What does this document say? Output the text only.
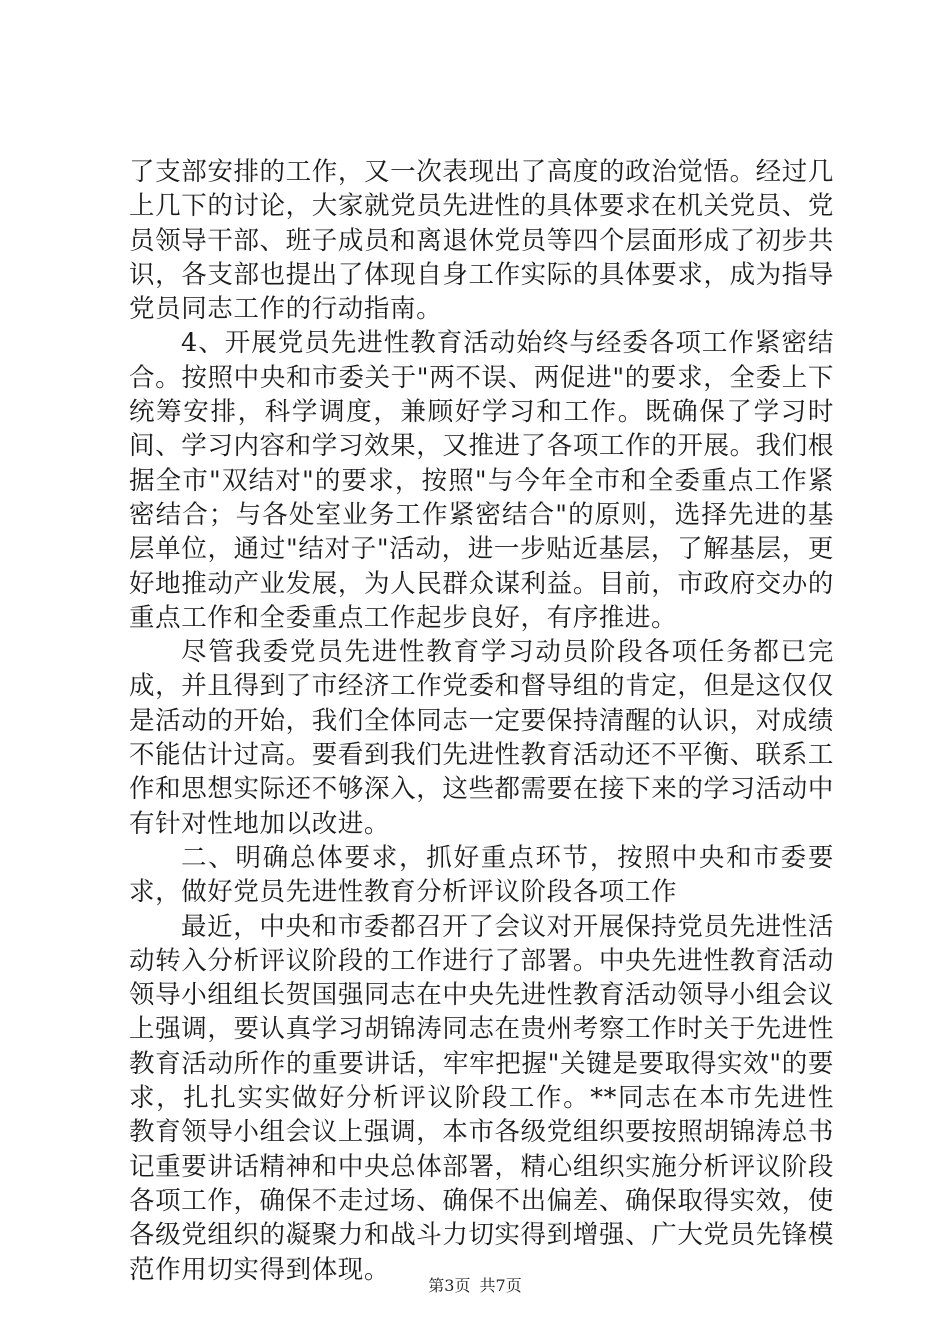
了支部安排的工作，又一次表现出了高度的政治觉悟。经过几上几下的讨论，大家就党员先进性的具体要求在机关党员、党员领导干部、班子成员和离退休党员等四个层面形成了初步共识，各支部也提出了体现自身工作实际的具体要求，成为指导党员同志工作的行动指南。

4、开展党员先进性教育活动始终与经委各项工作紧密结合。按照中央和市委关于"两不误、两促进"的要求，全委上下统筹安排，科学调度，兼顾好学习和工作。既确保了学习时间、学习内容和学习效果，又推进了各项工作的开展。我们根据全市"双结对"的要求，按照"与今年全市和全委重点工作紧密结合；与各处室业务工作紧密结合"的原则，选择先进的基层单位，通过"结对子"活动，进一步贴近基层，了解基层，更好地推动产业发展，为人民群众谋利益。目前，市政府交办的重点工作和全委重点工作起步良好，有序推进。

尽管我委党员先进性教育学习动员阶段各项任务都已完成，并且得到了市经济工作党委和督导组的肯定，但是这仅仅是活动的开始，我们全体同志一定要保持清醒的认识，对成绩不能估计过高。要看到我们先进性教育活动还不平衡、联系工作和思想实际还不够深入，这些都需要在接下来的学习活动中有针对性地加以改进。

二、明确总体要求，抓好重点环节，按照中央和市委要求，做好党员先进性教育分析评议阶段各项工作

最近，中央和市委都召开了会议对开展保持党员先进性活动转入分析评议阶段的工作进行了部署。中央先进性教育活动领导小组组长贺国强同志在中央先进性教育活动领导小组会议上强调，要认真学习胡锦涛同志在贵州考察工作时关于先进性教育活动所作的重要讲话，牢牢把握"关键是要取得实效"的要求，扎扎实实做好分析评议阶段工作。**同志在本市先进性教育领导小组会议上强调，本市各级党组织要按照胡锦涛总书记重要讲话精神和中央总体部署，精心组织实施分析评议阶段各项工作，确保不走过场、确保不出偏差、确保取得实效，使各级党组织的凝聚力和战斗力切实得到增强、广大党员先锋模范作用切实得到体现。

第3页 共7页
